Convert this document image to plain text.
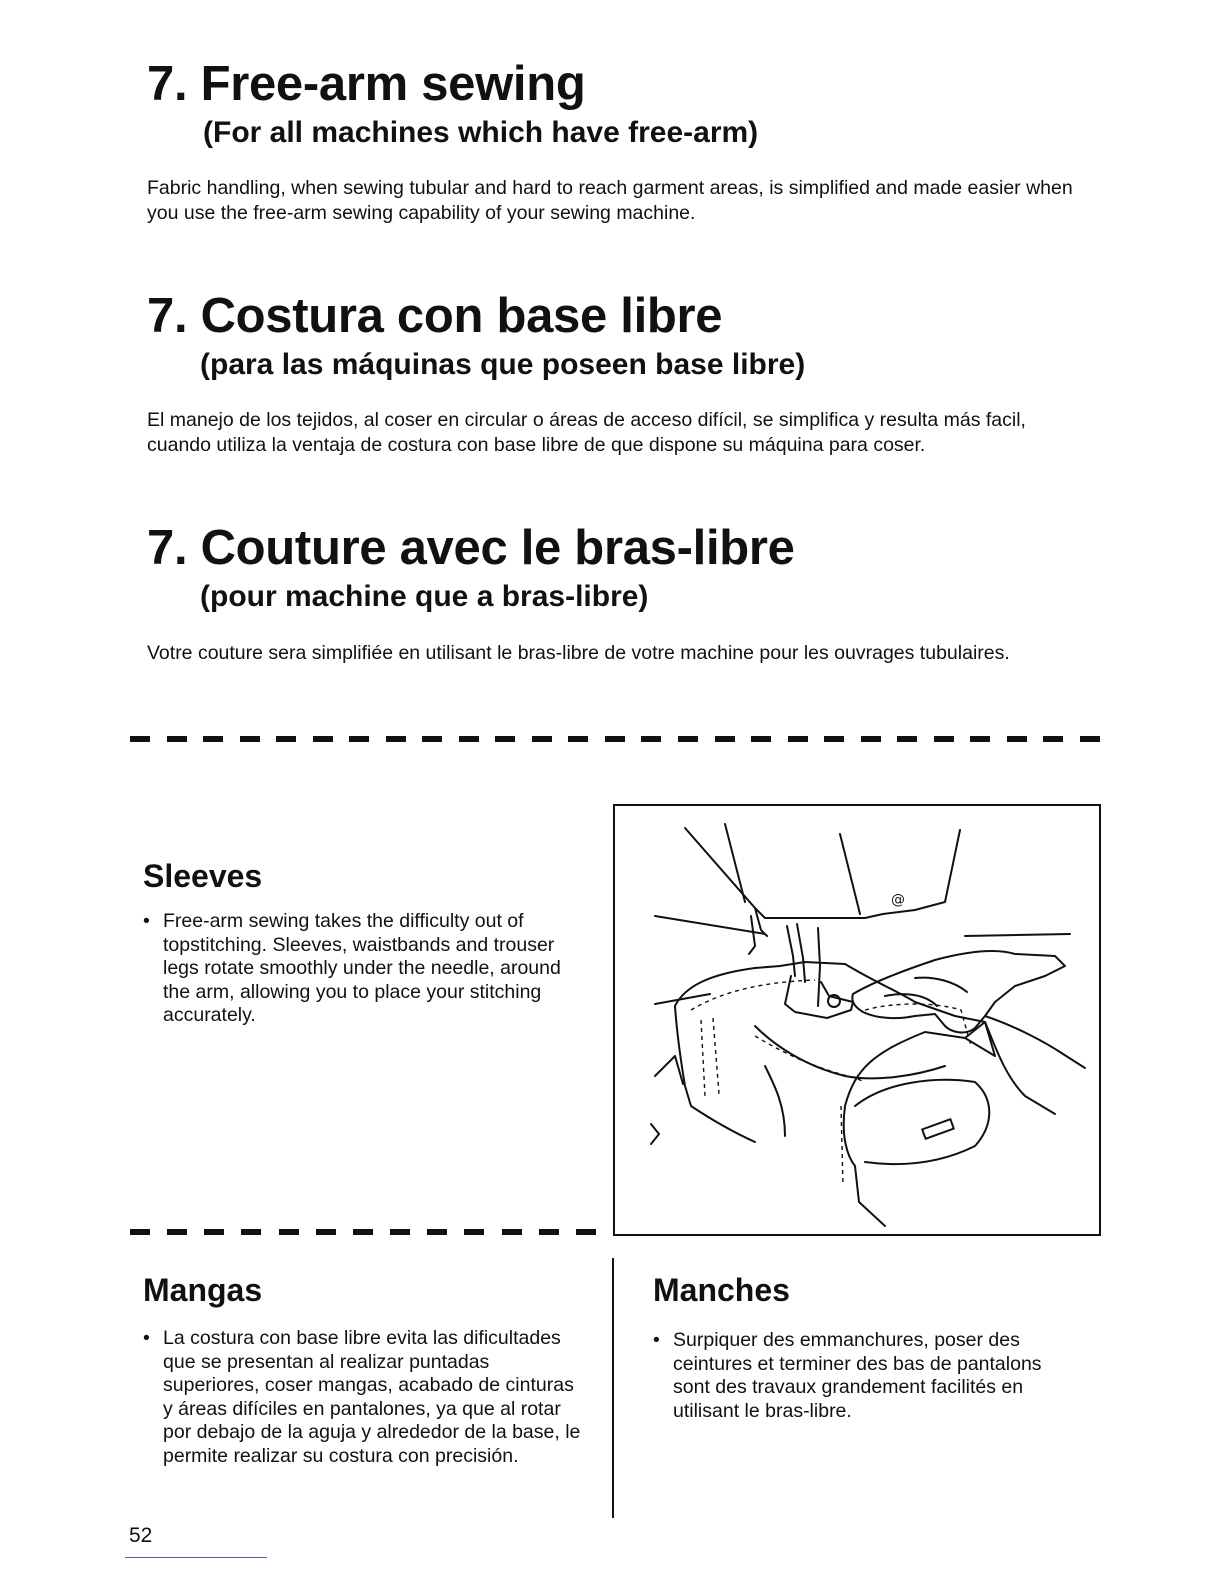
7. Free-arm sewing
(For all machines which have free-arm)
Fabric handling, when sewing tubular and hard to reach garment areas, is simplified and made easier when you use the free-arm sewing capability of your sewing machine.
7. Costura con base libre
(para las máquinas que poseen base libre)
El manejo de los tejidos, al coser en circular o áreas de acceso difícil, se simplifica y resulta más facil, cuando utiliza la ventaja de costura con base libre de que dispone su máquina para coser.
7. Couture avec le bras-libre
(pour machine que a bras-libre)
Votre couture sera simplifiée en utilisant le bras-libre de votre machine pour les ouvrages tubulaires.
Sleeves
• Free-arm sewing takes the difficulty out of topstitching. Sleeves, waistbands and trouser legs rotate smoothly under the needle, around the arm, allowing you to place your stitching accurately.
@
Mangas
• La costura con base libre evita las dificultades que se presentan al realizar puntadas superiores, coser mangas, acabado de cinturas y áreas difíciles en pantalones, ya que al rotar por debajo de la aguja y alrededor de la base, le permite realizar su costura con precisión.
Manches
• Surpiquer des emmanchures, poser des ceintures et terminer des bas de pantalons sont des travaux grandement facilités en utilisant le bras-libre.
52
